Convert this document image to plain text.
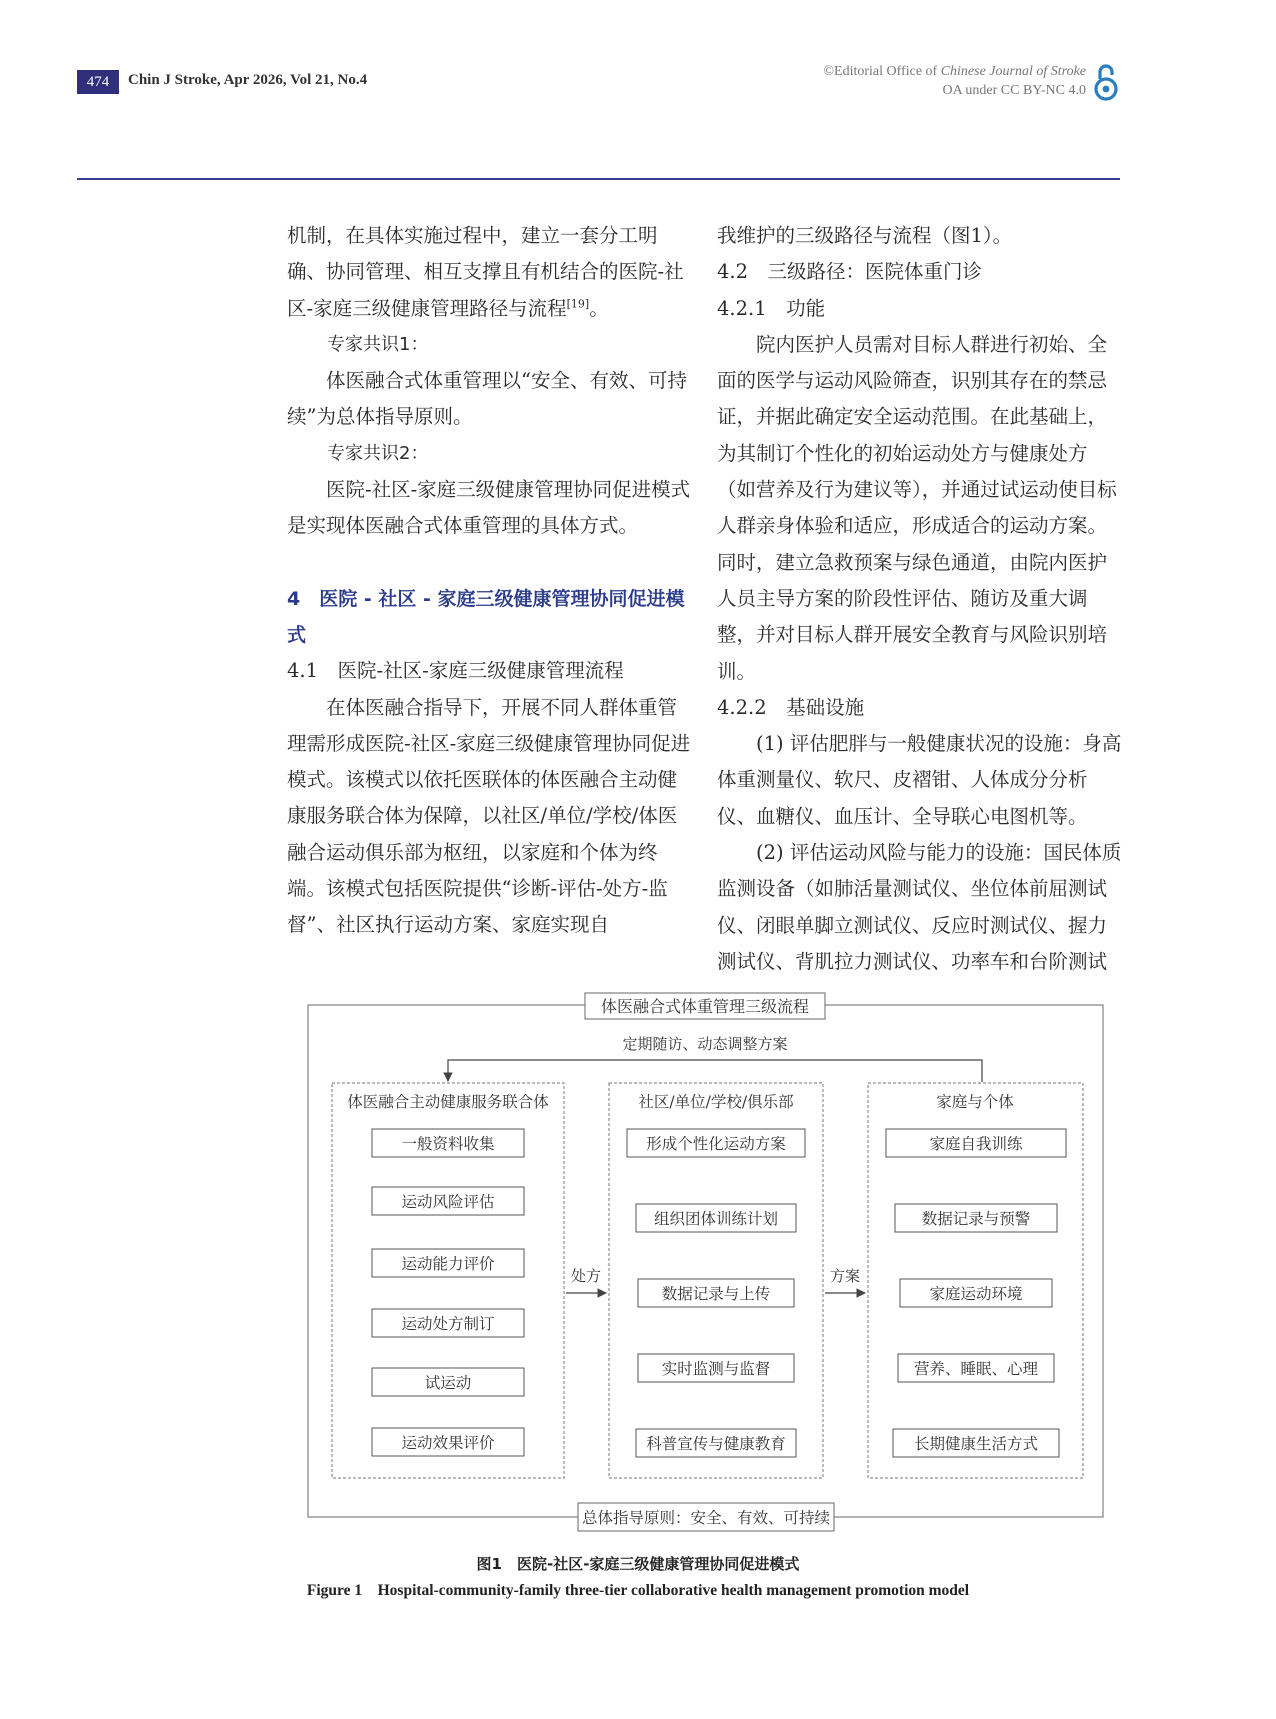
474	Chin J Stroke, Apr 2026, Vol 21, No.4
©Editorial Office of Chinese Journal of Stroke
OA under CC BY-NC 4.0

机制，在具体实施过程中，建立一套分工明确、协同管理、相互支撑且有机结合的医院-社区-家庭三级健康管理路径与流程[19]。

专家共识1：

体医融合式体重管理以“安全、有效、可持续”为总体指导原则。

专家共识2：

医院-社区-家庭三级健康管理协同促进模式是实现体医融合式体重管理的具体方式。

4　医院 - 社区 - 家庭三级健康管理协同促进模式

4.1　医院-社区-家庭三级健康管理流程

在体医融合指导下，开展不同人群体重管理需形成医院-社区-家庭三级健康管理协同促进模式。该模式以依托医联体的体医融合主动健康服务联合体为保障，以社区/单位/学校/体医融合运动俱乐部为枢纽，以家庭和个体为终端。该模式包括医院提供“诊断-评估-处方-监督”、社区执行运动方案、家庭实现自

我维护的三级路径与流程（图1）。

4.2　三级路径：医院体重门诊

4.2.1　功能

院内医护人员需对目标人群进行初始、全面的医学与运动风险筛查，识别其存在的禁忌证，并据此确定安全运动范围。在此基础上，为其制订个性化的初始运动处方与健康处方（如营养及行为建议等），并通过试运动使目标人群亲身体验和适应，形成适合的运动方案。同时，建立急救预案与绿色通道，由院内医护人员主导方案的阶段性评估、随访及重大调整，并对目标人群开展安全教育与风险识别培训。

4.2.2　基础设施

(1) 评估肥胖与一般健康状况的设施：身高体重测量仪、软尺、皮褶钳、人体成分分析仪、血糖仪、血压计、全导联心电图机等。

(2) 评估运动风险与能力的设施：国民体质监测设备（如肺活量测试仪、坐位体前屈测试仪、闭眼单脚立测试仪、反应时测试仪、握力测试仪、背肌拉力测试仪、功率车和台阶测试

体医融合式体重管理三级流程
定期随访、动态调整方案
体医融合主动健康服务联合体	社区/单位/学校/俱乐部	家庭与个体
一般资料收集
运动风险评估
运动能力评价
运动处方制订
试运动
运动效果评价
形成个性化运动方案
组织团体训练计划
数据记录与上传
实时监测与监督
科普宣传与健康教育
家庭自我训练
数据记录与预警
家庭运动环境
营养、睡眠、心理
长期健康生活方式
处方	方案
总体指导原则：安全、有效、可持续
图1　医院-社区-家庭三级健康管理协同促进模式
Figure 1　Hospital-community-family three-tier collaborative health management promotion model
